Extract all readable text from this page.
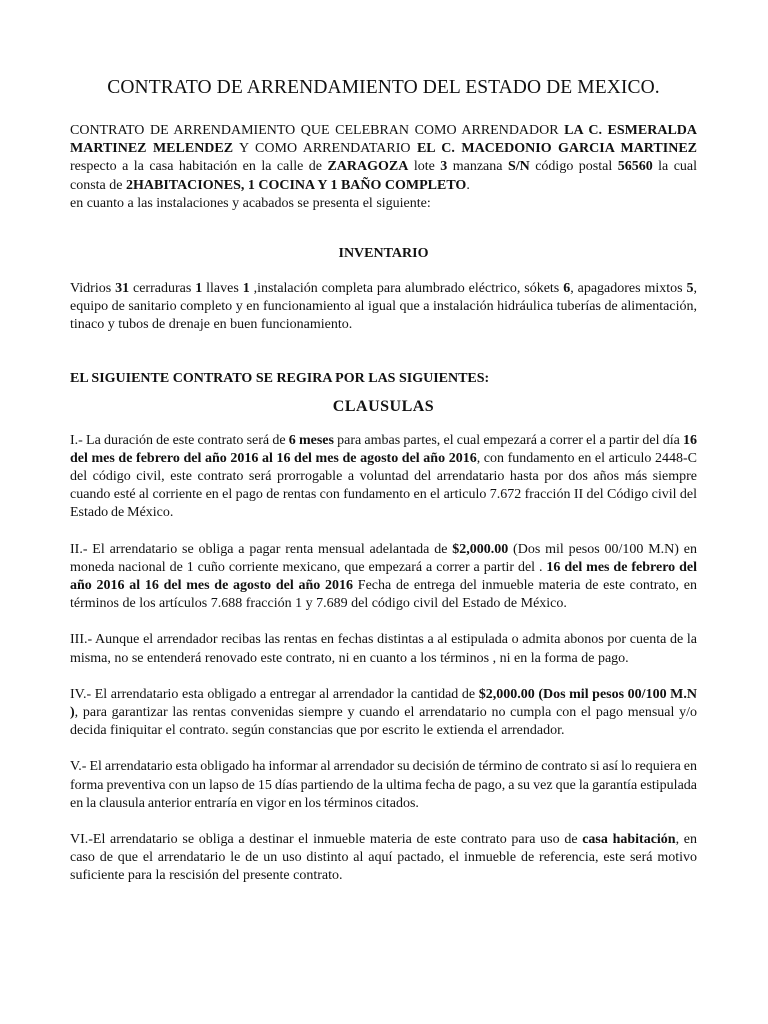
CONTRATO DE ARRENDAMIENTO DEL ESTADO DE MEXICO.

CONTRATO DE ARRENDAMIENTO QUE CELEBRAN COMO ARRENDADOR LA C. ESMERALDA MARTINEZ MELENDEZ Y COMO ARRENDATARIO EL C. MACEDONIO GARCIA MARTINEZ respecto a la casa habitación en la calle de ZARAGOZA lote 3 manzana S/N código postal 56560 la cual consta de 2HABITACIONES, 1 COCINA Y 1 BAÑO COMPLETO.
en cuanto a las instalaciones y acabados se presenta el siguiente:

INVENTARIO

Vidrios 31 cerraduras 1 llaves 1 ,instalación completa para alumbrado eléctrico, sókets 6, apagadores mixtos 5, equipo de sanitario completo y en funcionamiento al igual que a instalación hidráulica tuberías de alimentación, tinaco y tubos de drenaje en buen funcionamiento.

EL SIGUIENTE CONTRATO SE REGIRA POR LAS SIGUIENTES:
CLAUSULAS

I.- La duración de este contrato será de 6 meses para ambas partes, el cual empezará a correr el a partir del día 16 del mes de febrero del año 2016 al 16 del mes de agosto del año 2016, con fundamento en el articulo 2448-C del código civil, este contrato será prorrogable a voluntad del arrendatario hasta por dos años más siempre cuando esté al corriente en el pago de rentas con fundamento en el articulo 7.672 fracción II del Código civil del Estado de México.

II.- El arrendatario se obliga a pagar renta mensual adelantada de $2,000.00 (Dos mil pesos 00/100 M.N) en moneda nacional de 1 cuño corriente mexicano, que empezará a correr a partir del . 16 del mes de febrero del año 2016 al 16 del mes de agosto del año 2016 Fecha de entrega del inmueble materia de este contrato, en términos de los artículos 7.688 fracción 1 y 7.689 del código civil del Estado de México.

III.- Aunque el arrendador recibas las rentas en fechas distintas a al estipulada o admita abonos por cuenta de la misma, no se entenderá renovado este contrato, ni en cuanto a los términos , ni en la forma de pago.

IV.- El arrendatario esta obligado a entregar al arrendador la cantidad de $2,000.00 (Dos mil pesos 00/100 M.N ), para garantizar las rentas convenidas siempre y cuando el arrendatario no cumpla con el pago mensual y/o decida finiquitar el contrato. según constancias que por escrito le extienda el arrendador.

V.- El arrendatario esta obligado ha informar al arrendador su decisión de término de contrato si así lo requiera en forma preventiva con un lapso de 15 días partiendo de la ultima fecha de pago, a su vez que la garantía estipulada en la clausula anterior entraría en vigor en los términos citados.

VI.-El arrendatario se obliga a destinar el inmueble materia de este contrato para uso de casa habitación, en caso de que el arrendatario le de un uso distinto al aquí pactado, el inmueble de referencia, este será motivo suficiente para la rescisión del presente contrato.
